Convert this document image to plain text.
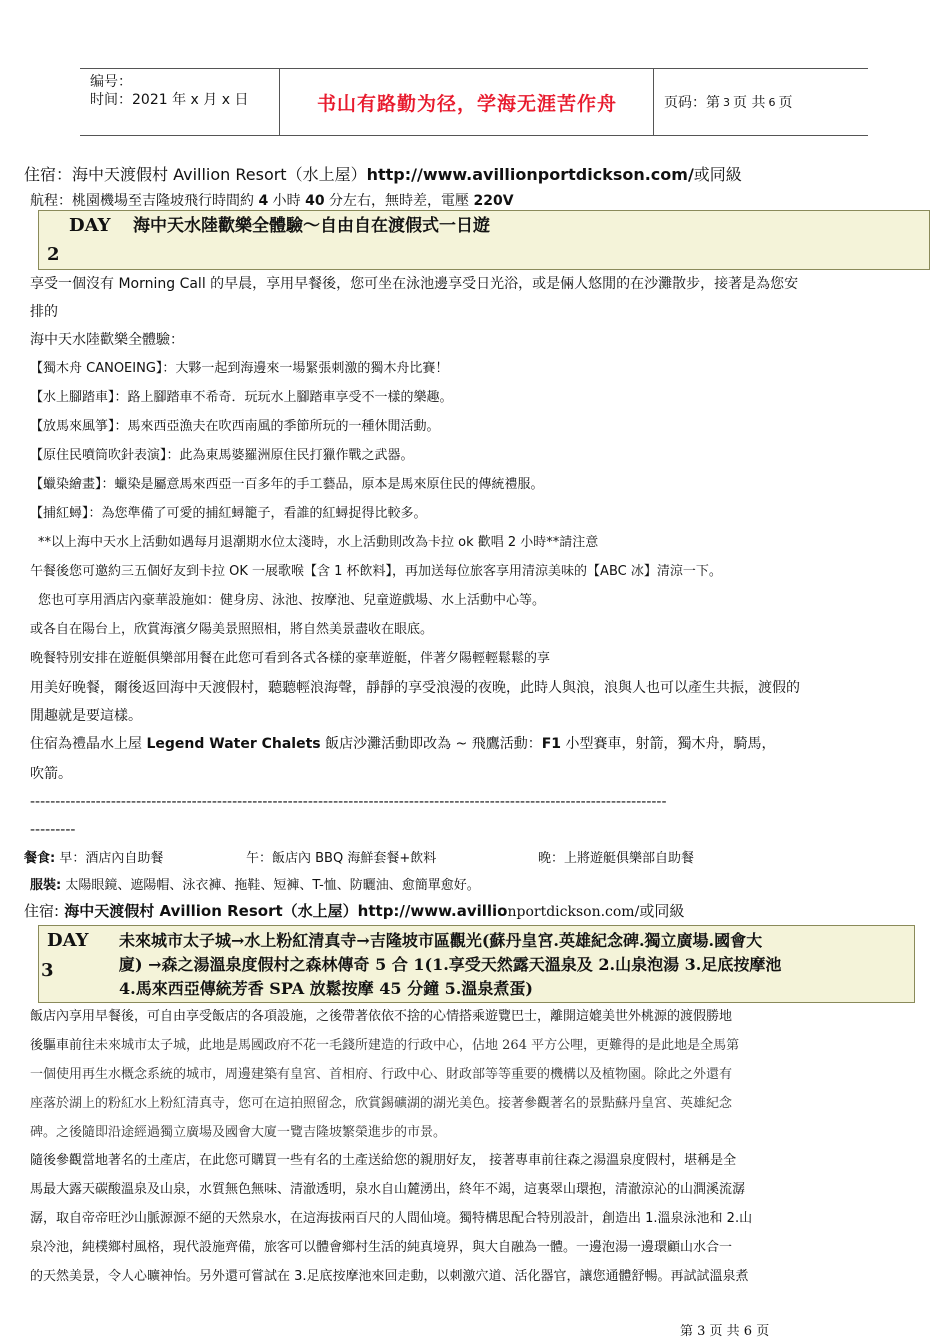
编号：
时间：2021 年 x 月 x 日	书山有路勤为径，学海无涯苦作舟	页码：第 3 页 共 6 页
住宿：海中天渡假村 Avillion Resort（水上屋）http://www.avillionportdickson.com/或同級
航程：桃園機場至吉隆坡飛行時間約 4 小時 40 分左右，無時差，電壓 220V
DAY
2
海中天水陸歡樂全體驗～自由自在渡假式一日遊
享受一個沒有 Morning Call 的早晨，享用早餐後，您可坐在泳池邊享受日光浴，或是倆人悠閒的在沙灘散步，接著是為您安
排的
海中天水陸歡樂全體驗：
【獨木舟 CANOEING】：大夥一起到海邊來一場緊張刺激的獨木舟比賽！
【水上腳踏車】：路上腳踏車不希奇．玩玩水上腳踏車享受不一樣的樂趣。
【放馬來風箏】：馬來西亞漁夫在吹西南風的季節所玩的一種休閒活動。
【原住民噴筒吹針表演】：此為東馬婆羅洲原住民打獵作戰之武器。
【蠟染繪畫】：蠟染是屬意馬來西亞一百多年的手工藝品，原本是馬來原住民的傳統禮服。
【捕紅蟳】：為您準備了可愛的捕紅蟳籠子，看誰的紅蟳捉得比較多。
**以上海中天水上活動如遇每月退潮期水位太淺時，水上活動則改為卡拉 ok 歡唱 2 小時**請注意
午餐後您可邀約三五個好友到卡拉 OK 一展歌喉【含 1 杯飲料】，再加送每位旅客享用清涼美味的【ABC 冰】清涼一下。
您也可享用酒店內豪華設施如：健身房、泳池、按摩池、兒童遊戲場、水上活動中心等。
或各自在陽台上，欣賞海濱夕陽美景照照相，將自然美景盡收在眼底。
晚餐特別安排在遊艇俱樂部用餐在此您可看到各式各樣的豪華遊艇，伴著夕陽輕輕鬆鬆的享
用美好晚餐，爾後返回海中天渡假村，聽聽輕浪海聲，靜靜的享受浪漫的夜晚，此時人與浪，浪與人也可以產生共振，渡假的
閒趣就是要這樣。
住宿為禮晶水上屋 Legend Water Chalets 飯店沙灘活動即改為 ~ 飛鷹活動：F1 小型賽車，射箭，獨木舟，騎馬，
吹箭。
------------------------------------------------------------------------------------------------------------------------------
---------
餐食: 早：酒店內自助餐	午：飯店內 BBQ 海鮮套餐+飲料	晚：上將遊艇俱樂部自助餐
服裝: 太陽眼鏡、遮陽帽、泳衣褲、拖鞋、短褲、T-恤、防曬油、愈簡單愈好。
住宿: 海中天渡假村 Avillion Resort（水上屋）http://www.avillionportdickson.com/或同級
DAY
3
未來城市太子城→水上粉紅清真寺→吉隆坡市區觀光(蘇丹皇宮.英雄紀念碑.獨立廣場.國會大
廈) →森之湯溫泉度假村之森林傳奇 5 合 1(1.享受天然露天溫泉及 2.山泉泡湯 3.足底按摩池
4.馬來西亞傳統芳香 SPA 放鬆按摩 45 分鐘 5.溫泉煮蛋)
飯店內享用早餐後，可自由享受飯店的各項設施，之後帶著依依不捨的心情搭乘遊覽巴士，離開這媲美世外桃源的渡假勝地
後驅車前往未來城市太子城，此地是馬國政府不花一毛錢所建造的行政中心，佔地 264 平方公哩，更難得的是此地是全馬第
一個使用再生水概念系統的城市，周邊建築有皇宮、首相府、行政中心、財政部等等重要的機構以及植物園。除此之外還有
座落於湖上的粉紅水上粉紅清真寺，您可在這拍照留念，欣賞錫礦湖的湖光美色。接著參觀著名的景點蘇丹皇宮、英雄紀念
碑。之後隨即沿途經過獨立廣場及國會大廈一覽吉隆坡繁榮進步的市景。
隨後參觀當地著名的土產店，在此您可購買一些有名的土產送給您的親朋好友， 接著專車前往森之湯溫泉度假村，堪稱是全
馬最大露天碳酸溫泉及山泉，水質無色無味、清澈透明，泉水自山麓湧出，終年不竭，這裏翠山環抱，清澈涼沁的山澗溪流潺
潺，取自帝帝旺沙山脈源源不絕的天然泉水，在這海拔兩百尺的人間仙境。獨特構思配合特別設計，創造出 1.溫泉泳池和 2.山
泉冷池，純樸鄉村風格，現代設施齊備，旅客可以體會鄉村生活的純真境界，與大自融為一體。一邊泡湯一邊環顧山水合一
的天然美景，令人心曠神怡。另外還可嘗試在 3.足底按摩池來回走動，以刺激穴道、活化器官，讓您通體舒暢。再試試溫泉煮
第 3 页 共 6 页
